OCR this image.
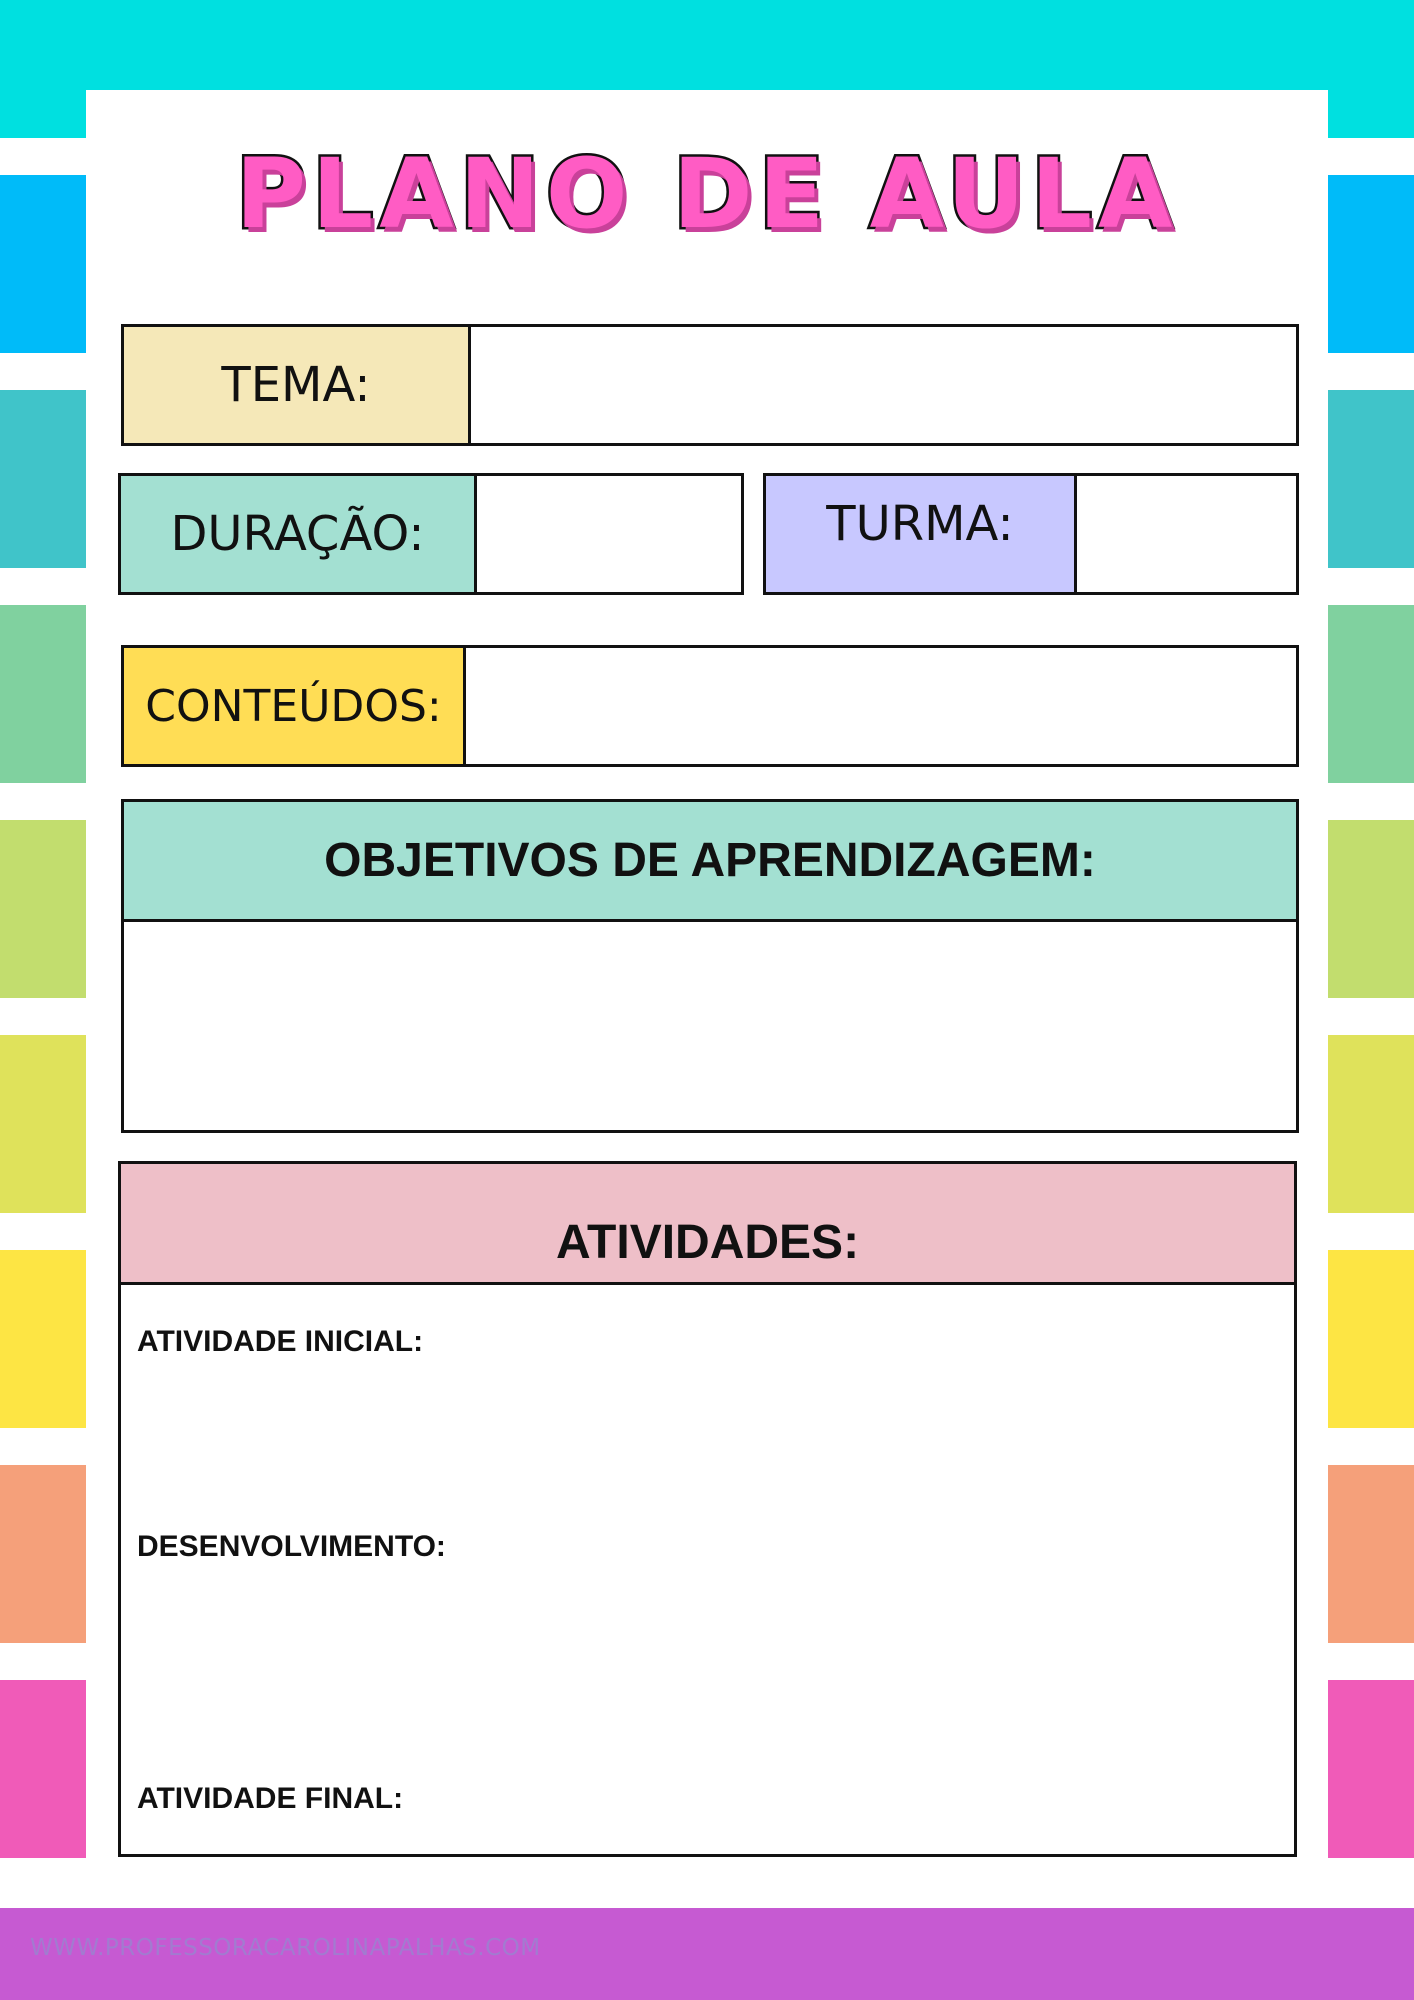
WWW.PROFESSORACAROLINAPALHAS.COM
PLANO DE AULA
TEMA:
DURAÇÃO:	TURMA:
CONTEÚDOS:
OBJETIVOS DE APRENDIZAGEM:
ATIVIDADES:
ATIVIDADE INICIAL:
DESENVOLVIMENTO:
ATIVIDADE FINAL:
